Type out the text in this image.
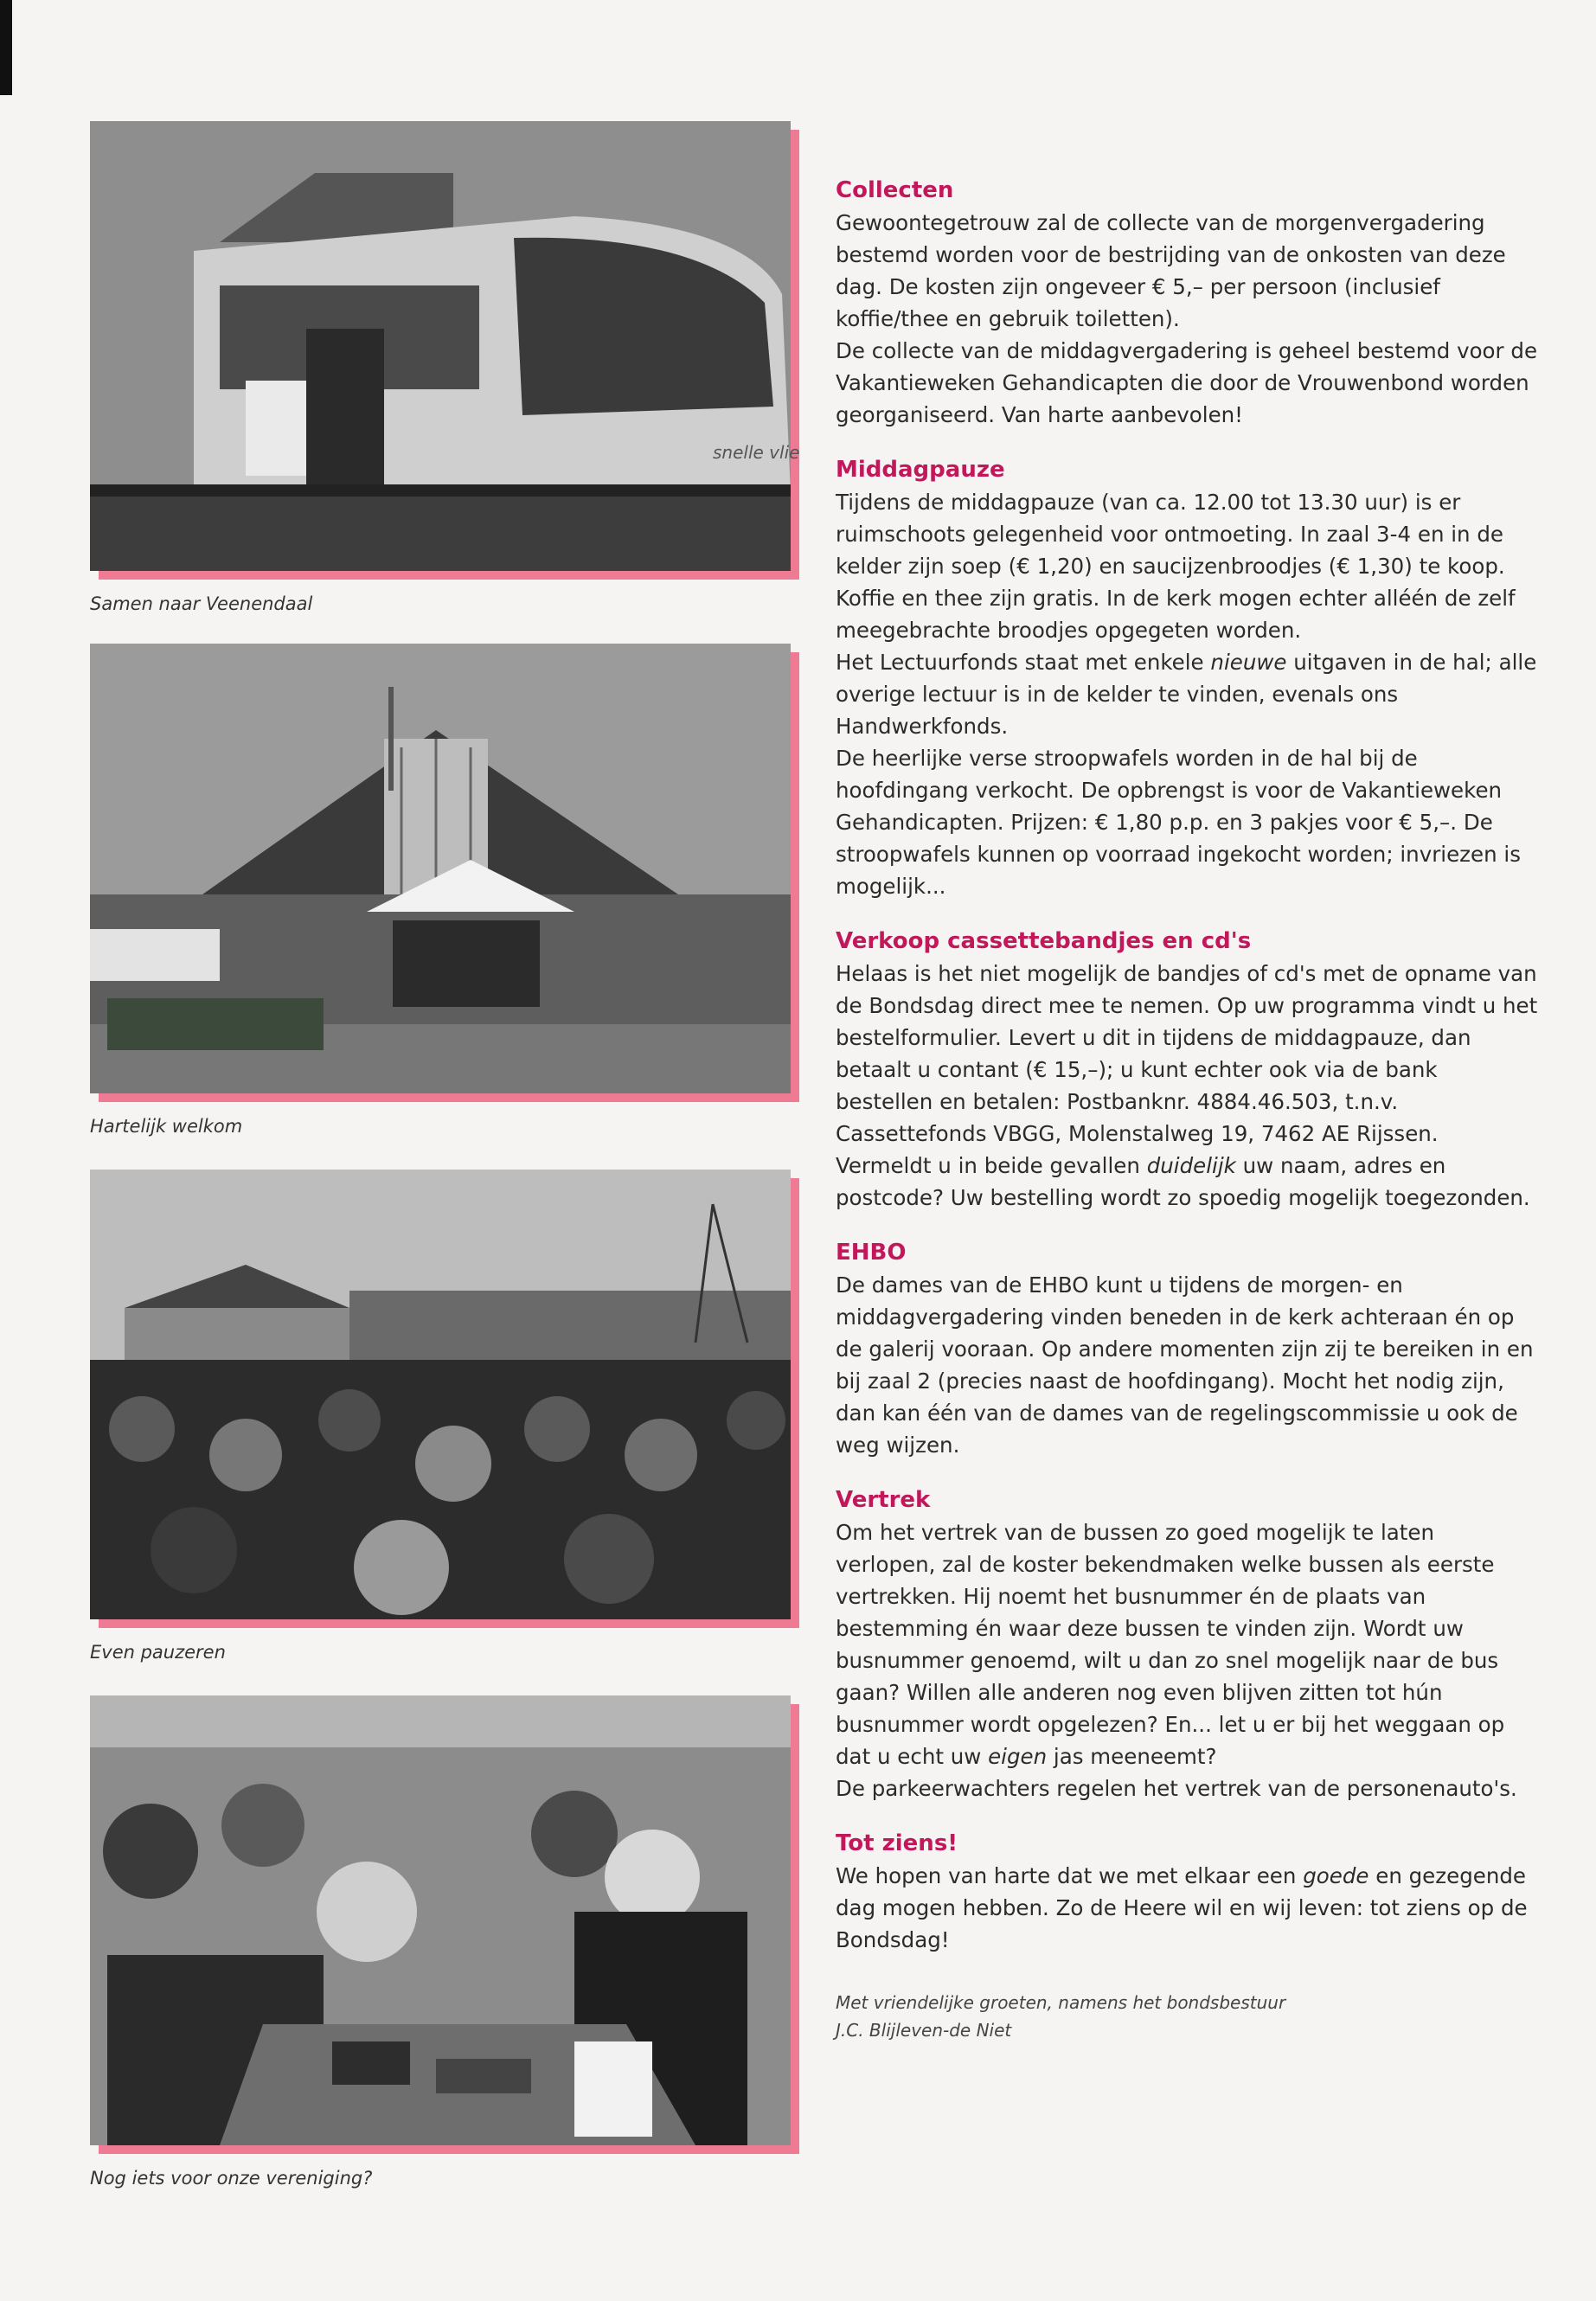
snelle vlie
Samen naar Veenendaal
Hartelijk welkom
Even pauzeren
Nog iets voor onze vereniging?
Collecten

Gewoontegetrouw zal de collecte van de morgenvergadering bestemd worden voor de bestrijding van de onkosten van deze dag. De kosten zijn ongeveer € 5,– per persoon (inclusief koffie/thee en gebruik toiletten).

De collecte van de middagvergadering is geheel bestemd voor de Vakantieweken Gehandicapten die door de Vrouwenbond worden georganiseerd. Van harte aanbevolen!

Middagpauze

Tijdens de middagpauze (van ca. 12.00 tot 13.30 uur) is er ruimschoots gelegenheid voor ontmoeting. In zaal 3-4 en in de kelder zijn soep (€ 1,20) en saucijzenbroodjes (€ 1,30) te koop. Koffie en thee zijn gratis. In de kerk mogen echter alléén de zelf meegebrachte broodjes opgegeten worden.

Het Lectuurfonds staat met enkele nieuwe uitgaven in de hal; alle overige lectuur is in de kelder te vinden, evenals ons Handwerkfonds.

De heerlijke verse stroopwafels worden in de hal bij de hoofdingang verkocht. De opbrengst is voor de Vakantieweken Gehandicapten. Prijzen: € 1,80 p.p. en 3 pakjes voor € 5,–. De stroopwafels kunnen op voorraad ingekocht worden; invriezen is mogelijk...

Verkoop cassettebandjes en cd's

Helaas is het niet mogelijk de bandjes of cd's met de opname van de Bondsdag direct mee te nemen. Op uw programma vindt u het bestelformulier. Levert u dit in tijdens de middagpauze, dan betaalt u contant (€ 15,–); u kunt echter ook via de bank bestellen en betalen: Postbanknr. 4884.46.503, t.n.v. Cassettefonds VBGG, Molenstalweg 19, 7462 AE Rijssen. Vermeldt u in beide gevallen duidelijk uw naam, adres en postcode? Uw bestelling wordt zo spoedig mogelijk toegezonden.

EHBO

De dames van de EHBO kunt u tijdens de morgen- en middagvergadering vinden beneden in de kerk achteraan én op de galerij vooraan. Op andere momenten zijn zij te bereiken in en bij zaal 2 (precies naast de hoofdingang). Mocht het nodig zijn, dan kan één van de dames van de regelingscommissie u ook de weg wijzen.

Vertrek

Om het vertrek van de bussen zo goed mogelijk te laten verlopen, zal de koster bekendmaken welke bussen als eerste vertrekken. Hij noemt het busnummer én de plaats van bestemming én waar deze bussen te vinden zijn. Wordt uw busnummer genoemd, wilt u dan zo snel mogelijk naar de bus gaan? Willen alle anderen nog even blijven zitten tot hún busnummer wordt opgelezen? En... let u er bij het weggaan op dat u echt uw eigen jas meeneemt?

De parkeerwachters regelen het vertrek van de personenauto's.

Tot ziens!

We hopen van harte dat we met elkaar een goede en gezegende dag mogen hebben. Zo de Heere wil en wij leven: tot ziens op de Bondsdag!

Met vriendelijke groeten, namens het bondsbestuur
J.C. Blijleven-de Niet
